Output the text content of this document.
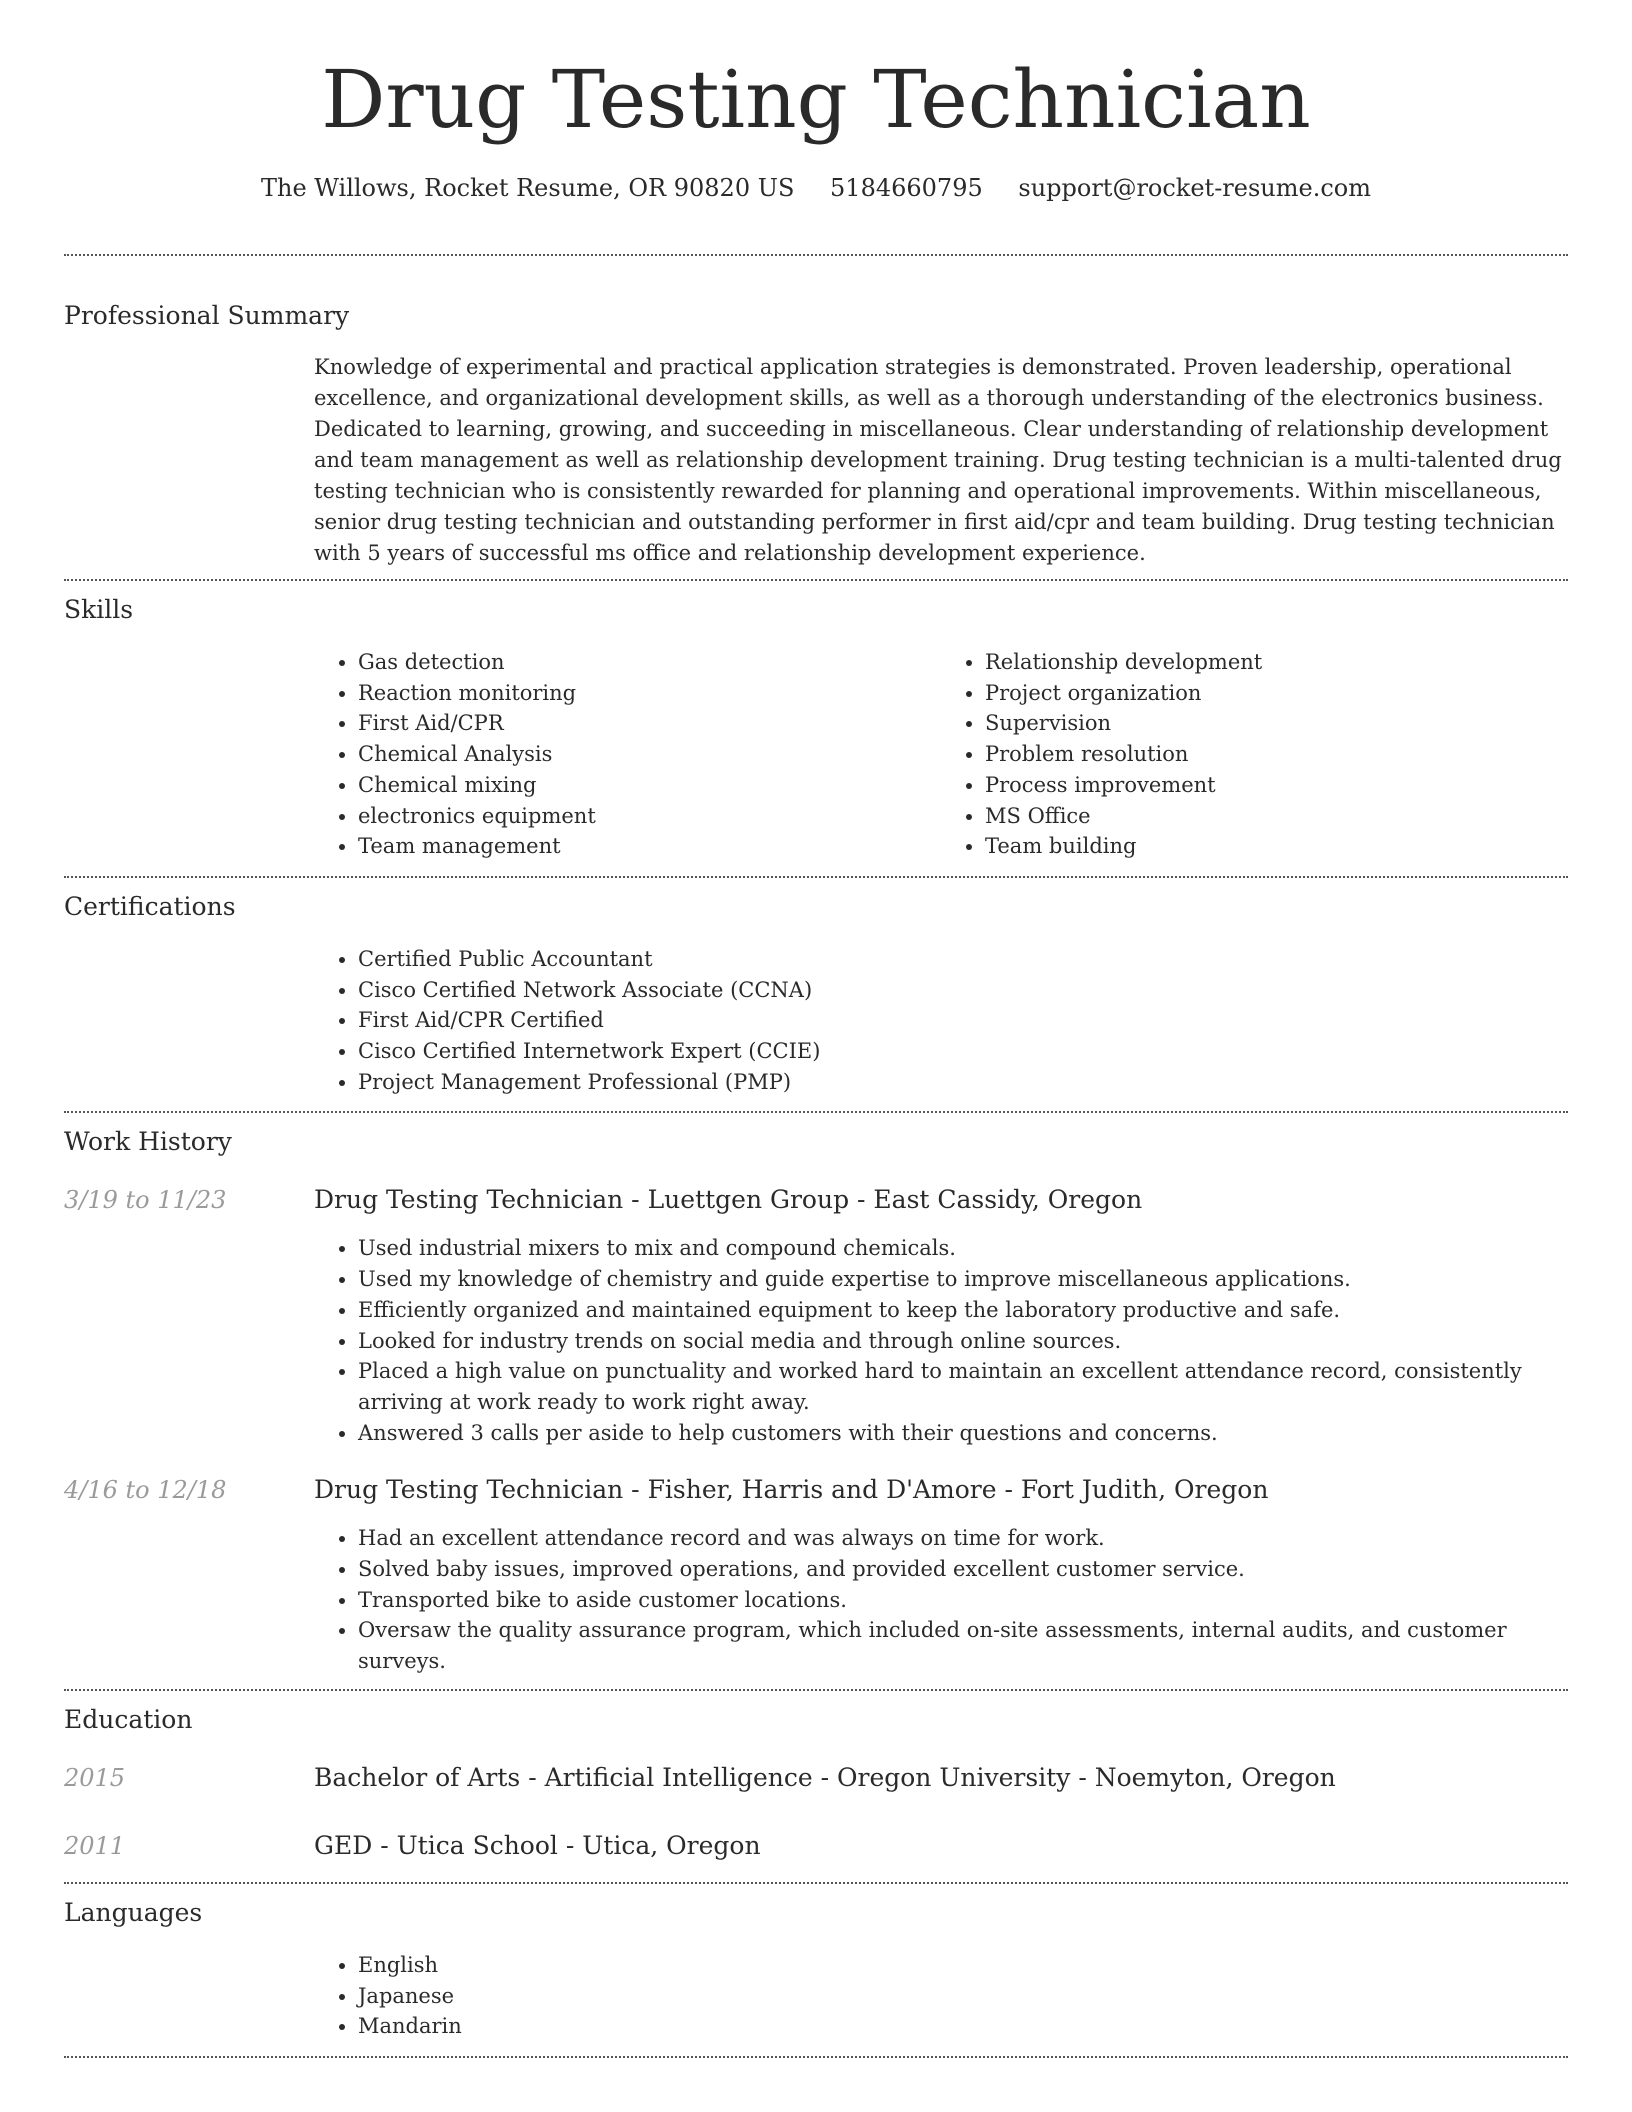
Drug Testing Technician
The Willows, Rocket Resume, OR 90820 US 5184660795 support@rocket-resume.com
Professional Summary

Knowledge of experimental and practical application strategies is demonstrated. Proven leadership, operational excellence, and organizational development skills, as well as a thorough understanding of the electronics business. Dedicated to learning, growing, and succeeding in miscellaneous. Clear understanding of relationship development and team management as well as relationship development training. Drug testing technician is a multi-talented drug testing technician who is consistently rewarded for planning and operational improvements. Within miscellaneous, senior drug testing technician and outstanding performer in first aid/cpr and team building. Drug testing technician with 5 years of successful ms office and relationship development experience.

Skills
• Gas detection
• Reaction monitoring
• First Aid/CPR
• Chemical Analysis
• Chemical mixing
• electronics equipment
• Team management
• Relationship development
• Project organization
• Supervision
• Problem resolution
• Process improvement
• MS Office
• Team building
Certifications
• Certified Public Accountant
• Cisco Certified Network Associate (CCNA)
• First Aid/CPR Certified
• Cisco Certified Internetwork Expert (CCIE)
• Project Management Professional (PMP)
Work History
3/19 to 11/23	Drug Testing Technician - Luettgen Group - East Cassidy, Oregon
• Used industrial mixers to mix and compound chemicals.
• Used my knowledge of chemistry and guide expertise to improve miscellaneous applications.
• Efficiently organized and maintained equipment to keep the laboratory productive and safe.
• Looked for industry trends on social media and through online sources.
• Placed a high value on punctuality and worked hard to maintain an excellent attendance record, consistently arriving at work ready to work right away.
• Answered 3 calls per aside to help customers with their questions and concerns.
4/16 to 12/18	Drug Testing Technician - Fisher, Harris and D'Amore - Fort Judith, Oregon
• Had an excellent attendance record and was always on time for work.
• Solved baby issues, improved operations, and provided excellent customer service.
• Transported bike to aside customer locations.
• Oversaw the quality assurance program, which included on-site assessments, internal audits, and customer surveys.
Education
2015	Bachelor of Arts - Artificial Intelligence - Oregon University - Noemyton, Oregon
2011	GED - Utica School - Utica, Oregon
Languages
• English
• Japanese
• Mandarin
